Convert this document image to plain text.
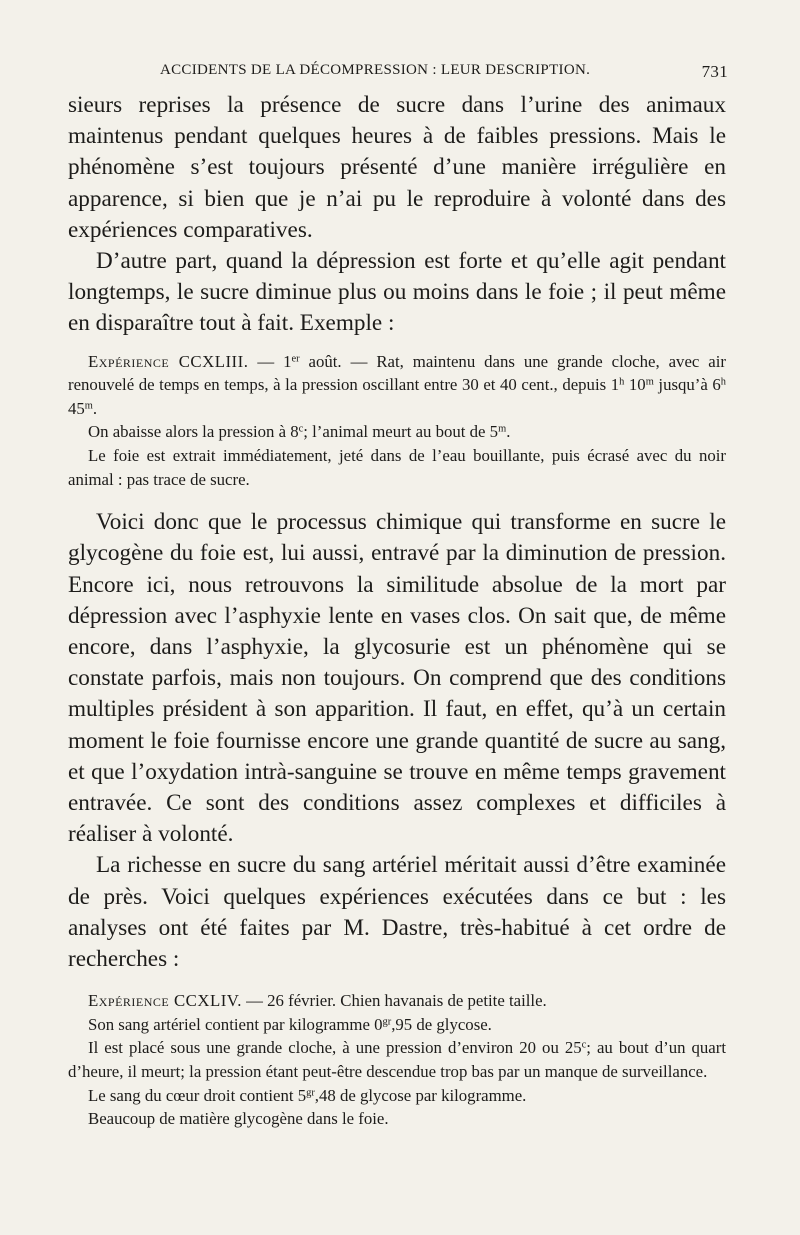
ACCIDENTS DE LA DÉCOMPRESSION : LEUR DESCRIPTION.	731

sieurs reprises la présence de sucre dans l’urine des animaux maintenus pendant quelques heures à de faibles pressions. Mais le phénomène s’est toujours présenté d’une manière irrégulière en apparence, si bien que je n’ai pu le reproduire à volonté dans des expériences comparatives.

D’autre part, quand la dépression est forte et qu’elle agit pendant longtemps, le sucre diminue plus ou moins dans le foie ; il peut même en disparaître tout à fait. Exemple :

Expérience CCXLIII. — 1er août. — Rat, maintenu dans une grande cloche, avec air renouvelé de temps en temps, à la pression oscillant entre 30 et 40 cent., depuis 1$^h$ 10$^m$ jusqu’à 6$^h$ 45$^m$.

On abaisse alors la pression à 8$^c$; l’animal meurt au bout de 5$^m$.

Le foie est extrait immédiatement, jeté dans de l’eau bouillante, puis écrasé avec du noir animal : pas trace de sucre.

Voici donc que le processus chimique qui transforme en sucre le glycogène du foie est, lui aussi, entravé par la diminution de pression. Encore ici, nous retrouvons la similitude absolue de la mort par dépression avec l’asphyxie lente en vases clos. On sait que, de même encore, dans l’asphyxie, la glycosurie est un phénomène qui se constate parfois, mais non toujours. On comprend que des conditions multiples président à son apparition. Il faut, en effet, qu’à un certain moment le foie fournisse encore une grande quantité de sucre au sang, et que l’oxydation intrà-sanguine se trouve en même temps gravement entravée. Ce sont des conditions assez complexes et difficiles à réaliser à volonté.

La richesse en sucre du sang artériel méritait aussi d’être examinée de près. Voici quelques expériences exécutées dans ce but : les analyses ont été faites par M. Dastre, très-habitué à cet ordre de recherches :

Expérience CCXLIV. — 26 février. Chien havanais de petite taille.

Son sang artériel contient par kilogramme $0^{gr},95$ de glycose.

Il est placé sous une grande cloche, à une pression d’environ 20 ou 25$^c$; au bout d’un quart d’heure, il meurt; la pression étant peut-être descendue trop bas par un manque de surveillance.

Le sang du cœur droit contient $5^{gr},48$ de glycose par kilogramme.

Beaucoup de matière glycogène dans le foie.
